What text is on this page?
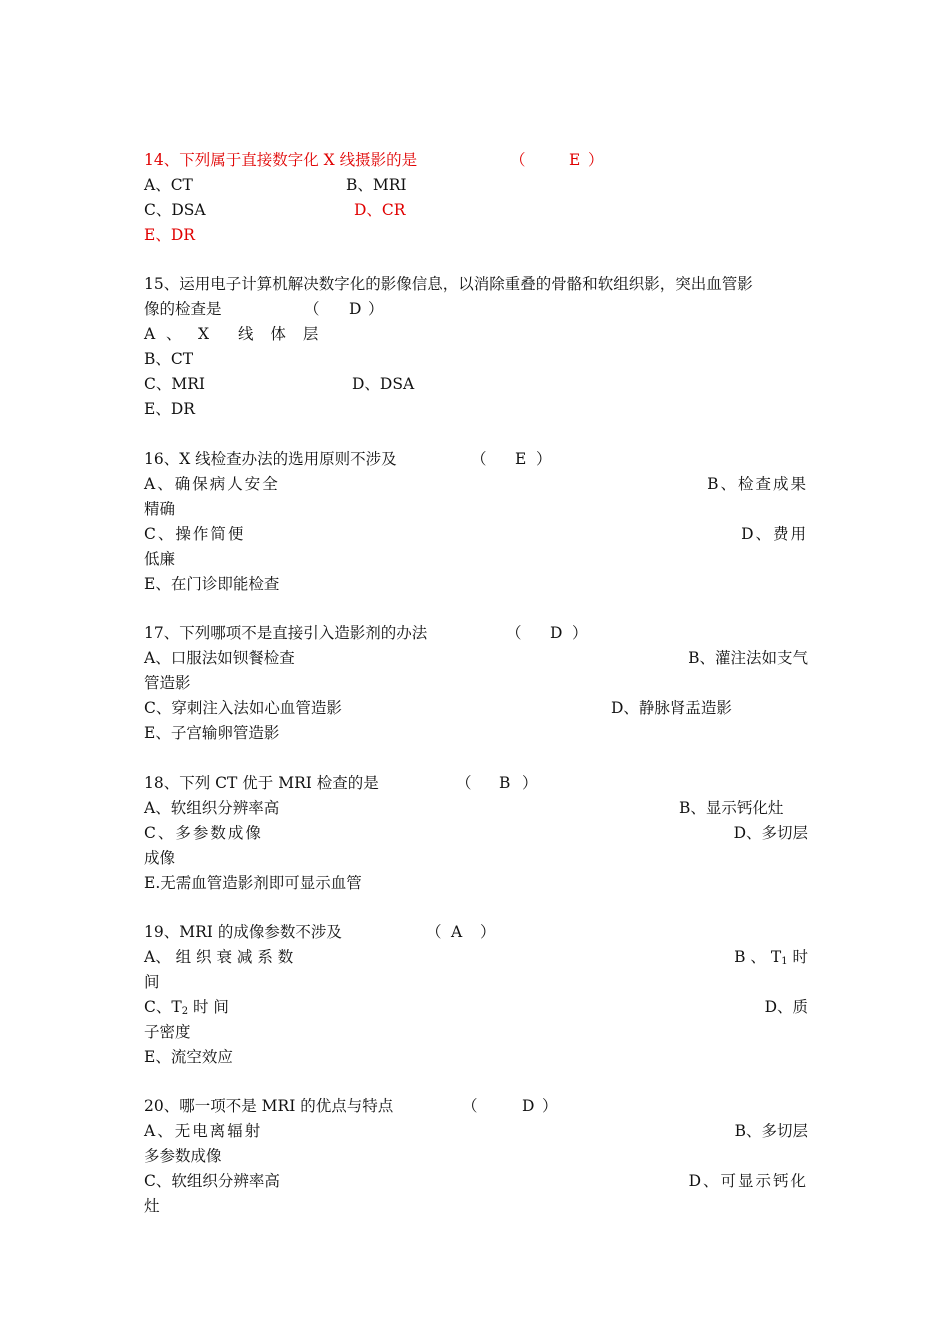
14、下列属于直接数字化 X 线摄影的是	（	E ）
A、CT	B、MRI
C、DSA	D、CR
E、DR
15、运用电子计算机解决数字化的影像信息，以消除重叠的骨骼和软组织影，突出血管影
像的检查是	（ D ）
A 、 X 线 体 层
B、CT
C、MRI	D、DSA
E、DR
16、X 线检查办法的选用原则不涉及	（ E ）
A、确保病人安全	B、检查成果
精确
C、操作简便	D、费用
低廉
E、在门诊即能检查
17、下列哪项不是直接引入造影剂的办法	（ D ）
A、口服法如钡餐检查	B、灌注法如支气
管造影
C、穿刺注入法如心血管造影	D、静脉肾盂造影
E、子宫输卵管造影
18、下列 CT 优于 MRI 检查的是	（ B ）
A、软组织分辨率高	B、显示钙化灶
C、多参数成像	D、多切层
成像
E.无需血管造影剂即可显示血管
19、MRI 的成像参数不涉及	（ A ）
A、 组 织 衰 减 系 数	B 、 $T_1$ 时
间
C、$T_2$ 时 间	D、质
子密度
E、流空效应
20、哪一项不是 MRI 的优点与特点	（	D ）
A、无电离辐射	B、多切层
多参数成像
C、软组织分辨率高	D、可显示钙化
灶
